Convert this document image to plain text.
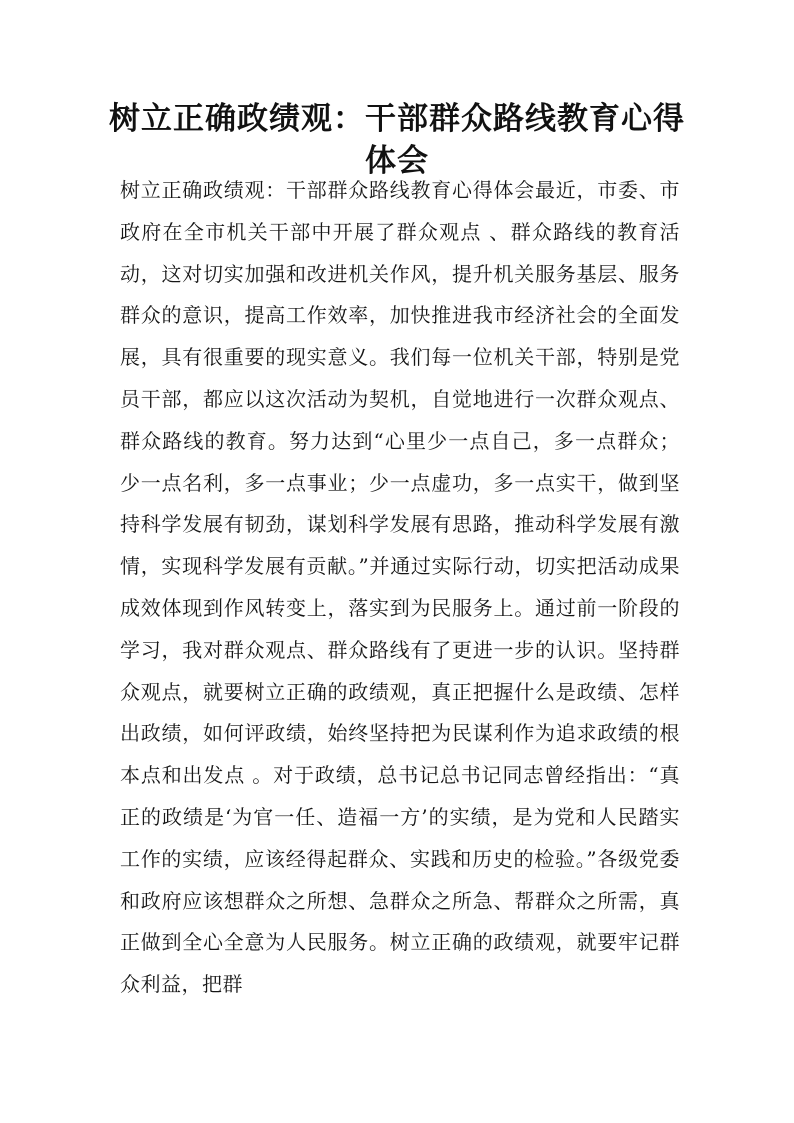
树立正确政绩观：干部群众路线教育心得体会

树立正确政绩观：干部群众路线教育心得体会最近，市委、市政府在全市机关干部中开展了群众观点 、群众路线的教育活动，这对切实加强和改进机关作风，提升机关服务基层、服务群众的意识，提高工作效率，加快推进我市经济社会的全面发展，具有很重要的现实意义。我们每一位机关干部，特别是党员干部，都应以这次活动为契机，自觉地进行一次群众观点、群众路线的教育。努力达到“心里少一点自己，多一点群众；少一点名利，多一点事业；少一点虚功，多一点实干，做到坚持科学发展有韧劲，谋划科学发展有思路，推动科学发展有激情，实现科学发展有贡献。”并通过实际行动，切实把活动成果成效体现到作风转变上，落实到为民服务上。通过前一阶段的学习，我对群众观点、群众路线有了更进一步的认识。坚持群众观点，就要树立正确的政绩观，真正把握什么是政绩、怎样出政绩，如何评政绩，始终坚持把为民谋利作为追求政绩的根本点和出发点 。对于政绩，总书记总书记同志曾经指出：“真正的政绩是‘为官一任、造福一方’的实绩，是为党和人民踏实工作的实绩，应该经得起群众、实践和历史的检验。”各级党委和政府应该想群众之所想、急群众之所急、帮群众之所需，真正做到全心全意为人民服务。树立正确的政绩观，就要牢记群众利益，把群
